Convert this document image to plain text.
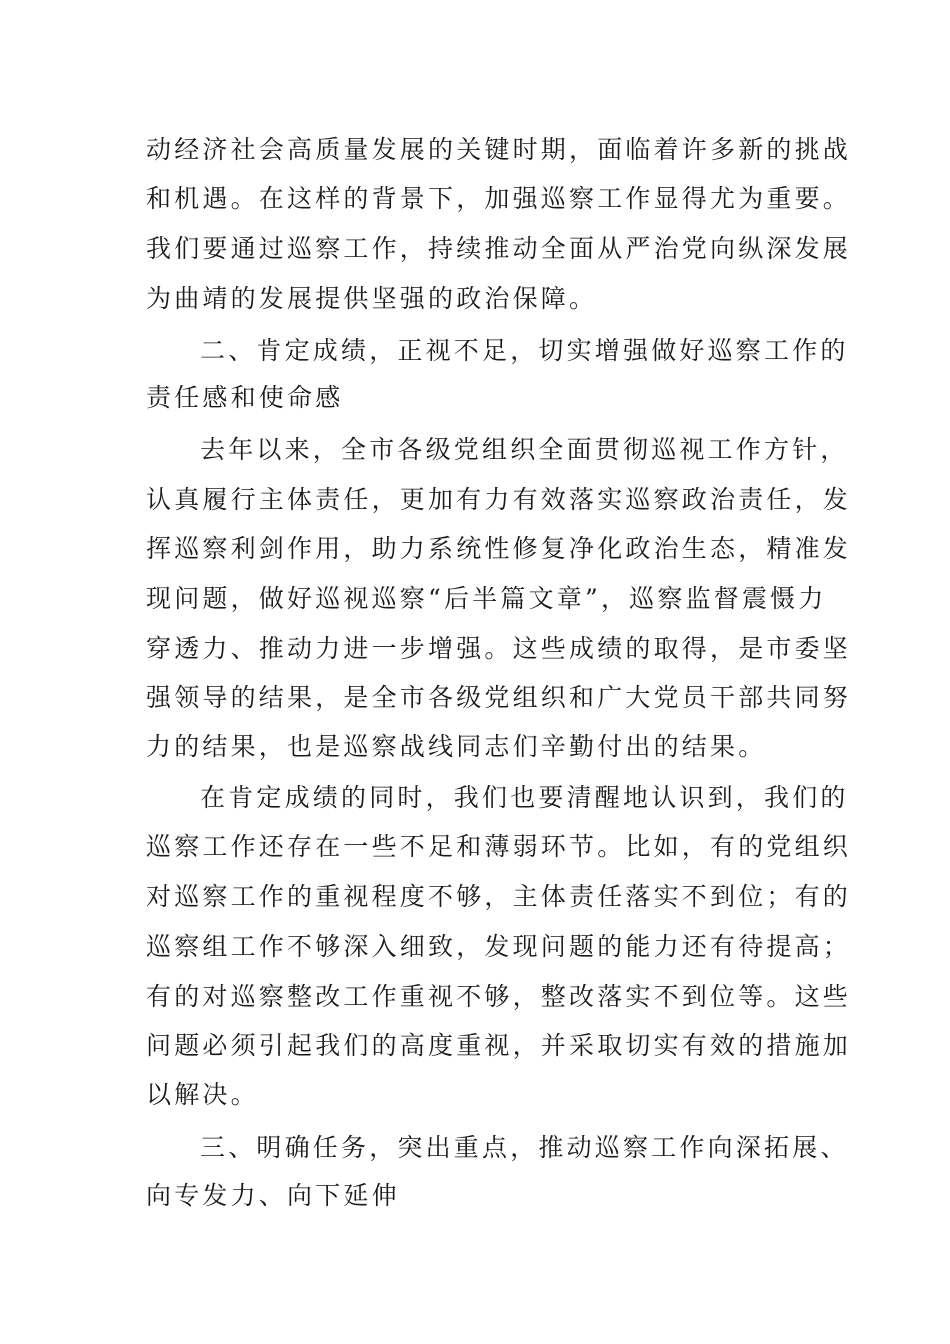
动经济社会高质量发展的关键时期，面临着许多新的挑战
和机遇。在这样的背景下，加强巡察工作显得尤为重要。
我们要通过巡察工作，持续推动全面从严治党向纵深发展
为曲靖的发展提供坚强的政治保障。
二、肯定成绩，正视不足，切实增强做好巡察工作的
责任感和使命感
去年以来，全市各级党组织全面贯彻巡视工作方针，
认真履行主体责任，更加有力有效落实巡察政治责任，发
挥巡察利剑作用，助力系统性修复净化政治生态，精准发
现问题，做好巡视巡察“后半篇文章”，巡察监督震慑力
穿透力、推动力进一步增强。这些成绩的取得，是市委坚
强领导的结果，是全市各级党组织和广大党员干部共同努
力的结果，也是巡察战线同志们辛勤付出的结果。
在肯定成绩的同时，我们也要清醒地认识到，我们的
巡察工作还存在一些不足和薄弱环节。比如，有的党组织
对巡察工作的重视程度不够，主体责任落实不到位；有的
巡察组工作不够深入细致，发现问题的能力还有待提高；
有的对巡察整改工作重视不够，整改落实不到位等。这些
问题必须引起我们的高度重视，并采取切实有效的措施加
以解决。
三、明确任务，突出重点，推动巡察工作向深拓展、
向专发力、向下延伸
